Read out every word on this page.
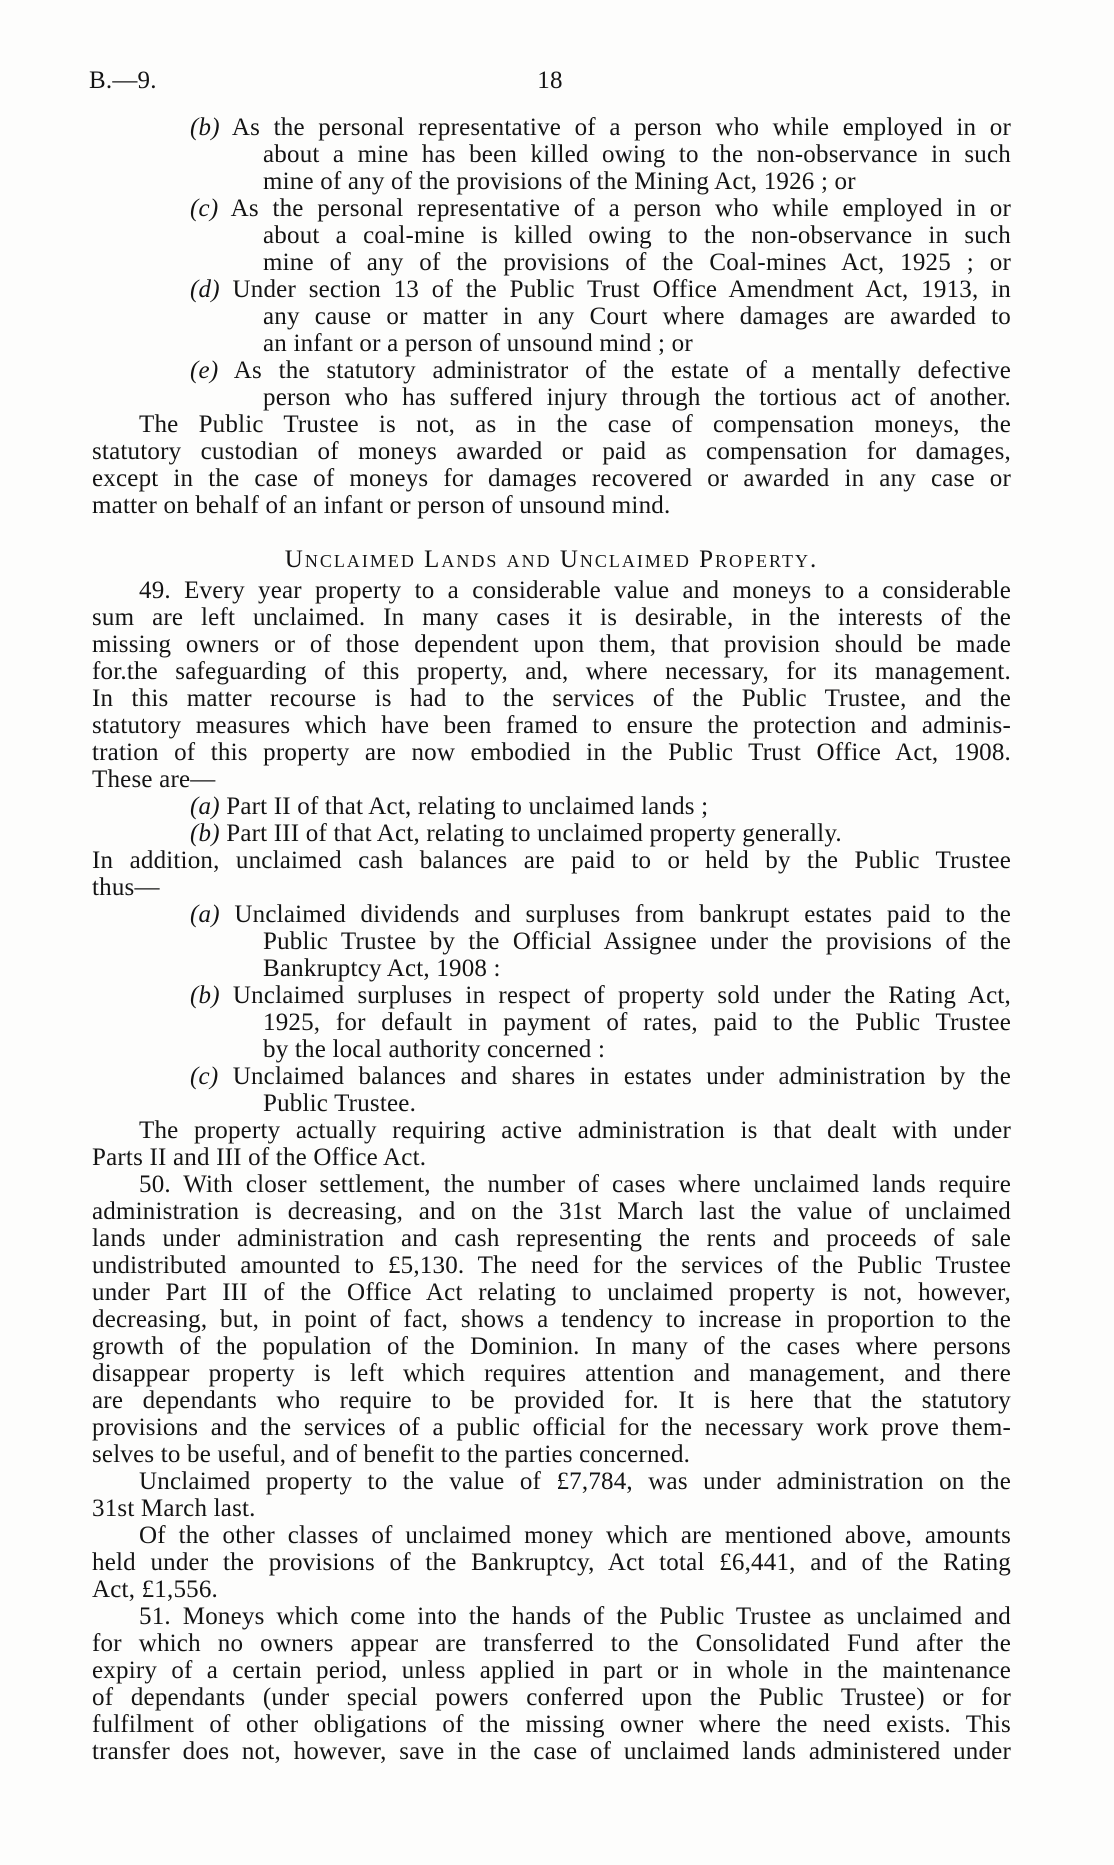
B.—9.	18
(b) As the personal representative of a person who while employed in or
about a mine has been killed owing to the non-observance in such
mine of any of the provisions of the Mining Act, 1926 ; or
(c) As the personal representative of a person who while employed in or
about a coal-mine is killed owing to the non-observance in such
mine of any of the provisions of the Coal-mines Act, 1925 ; or
(d) Under section 13 of the Public Trust Office Amendment Act, 1913, in
any cause or matter in any Court where damages are awarded to
an infant or a person of unsound mind ; or
(e) As the statutory administrator of the estate of a mentally defective
person who has suffered injury through the tortious act of another.
The Public Trustee is not, as in the case of compensation moneys, the
statutory custodian of moneys awarded or paid as compensation for damages,
except in the case of moneys for damages recovered or awarded in any case or
matter on behalf of an infant or person of unsound mind.
Unclaimed Lands and Unclaimed Property.
49. Every year property to a considerable value and moneys to a considerable
sum are left unclaimed. In many cases it is desirable, in the interests of the
missing owners or of those dependent upon them, that provision should be made
for.the safeguarding of this property, and, where necessary, for its management.
In this matter recourse is had to the services of the Public Trustee, and the
statutory measures which have been framed to ensure the protection and adminis-
tration of this property are now embodied in the Public Trust Office Act, 1908.
These are—
(a) Part II of that Act, relating to unclaimed lands ;
(b) Part III of that Act, relating to unclaimed property generally.
In addition, unclaimed cash balances are paid to or held by the Public Trustee
thus—
(a) Unclaimed dividends and surpluses from bankrupt estates paid to the
Public Trustee by the Official Assignee under the provisions of the
Bankruptcy Act, 1908 :
(b) Unclaimed surpluses in respect of property sold under the Rating Act,
1925, for default in payment of rates, paid to the Public Trustee
by the local authority concerned :
(c) Unclaimed balances and shares in estates under administration by the
Public Trustee.
The property actually requiring active administration is that dealt with under
Parts II and III of the Office Act.
50. With closer settlement, the number of cases where unclaimed lands require
administration is decreasing, and on the 31st March last the value of unclaimed
lands under administration and cash representing the rents and proceeds of sale
undistributed amounted to £5,130. The need for the services of the Public Trustee
under Part III of the Office Act relating to unclaimed property is not, however,
decreasing, but, in point of fact, shows a tendency to increase in proportion to the
growth of the population of the Dominion. In many of the cases where persons
disappear property is left which requires attention and management, and there
are dependants who require to be provided for. It is here that the statutory
provisions and the services of a public official for the necessary work prove them-
selves to be useful, and of benefit to the parties concerned.
Unclaimed property to the value of £7,784, was under administration on the
31st March last.
Of the other classes of unclaimed money which are mentioned above, amounts
held under the provisions of the Bankruptcy, Act total £6,441, and of the Rating
Act, £1,556.
51. Moneys which come into the hands of the Public Trustee as unclaimed and
for which no owners appear are transferred to the Consolidated Fund after the
expiry of a certain period, unless applied in part or in whole in the maintenance
of dependants (under special powers conferred upon the Public Trustee) or for
fulfilment of other obligations of the missing owner where the need exists. This
transfer does not, however, save in the case of unclaimed lands administered under
